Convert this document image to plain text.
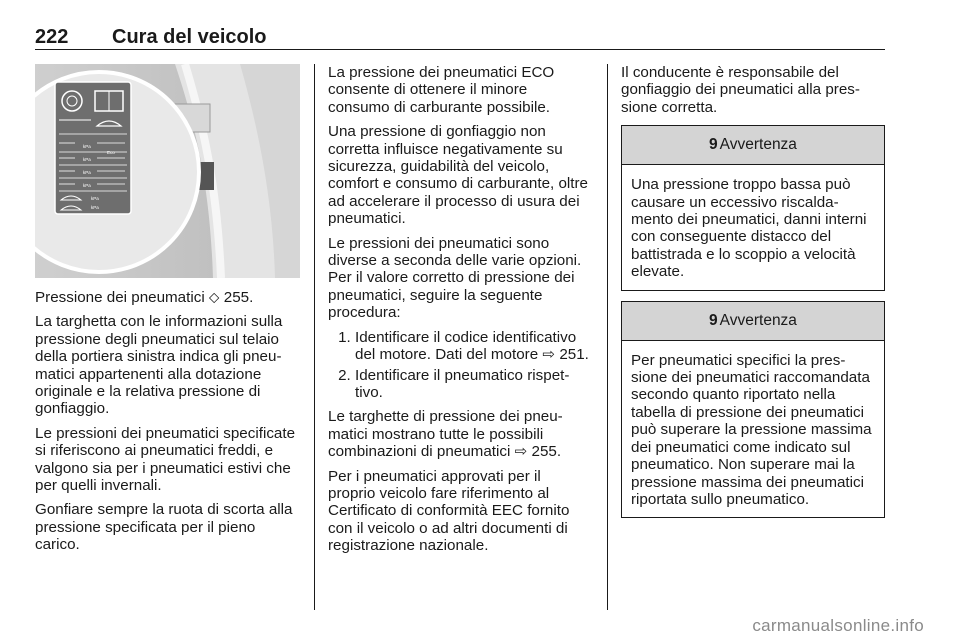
222 Cura del veicolo
kPa
kPa
kPa
kPa
kPa
kPa
Eco

Pressione dei pneumatici ⬦ 255.

La targhetta con le informazioni sulla pressione degli pneumatici sul telaio della portiera sinistra indica gli pneumatici appartenenti alla dotazione originale e la relativa pressione di gonfiaggio.

Le pressioni dei pneumatici specificate si riferiscono ai pneumatici freddi, e valgono sia per i pneumatici estivi che per quelli invernali.

Gonfiare sempre la ruota di scorta alla pressione specificata per il pieno carico.

La pressione dei pneumatici ECO consente di ottenere il minore consumo di carburante possibile.

Una pressione di gonfiaggio non corretta influisce negativamente su sicurezza, guidabilità del veicolo, comfort e consumo di carburante, oltre ad accelerare il processo di usura dei pneumatici.

Le pressioni dei pneumatici sono diverse a seconda delle varie opzioni. Per il valore corretto di pressione dei pneumatici, seguire la seguente procedura:

1. Identificare il codice identificativo del motore. Dati del motore ⇨ 251.
2. Identificare il pneumatico rispettivo.

Le targhette di pressione dei pneumatici mostrano tutte le possibili combinazioni di pneumatici ⇨ 255.

Per i pneumatici approvati per il proprio veicolo fare riferimento al Certificato di conformità EEC fornito con il veicolo o ad altri documenti di registrazione nazionale.

Il conducente è responsabile del gonfiaggio dei pneumatici alla pressione corretta.

9 Avvertenza
Una pressione troppo bassa può causare un eccessivo riscaldamento dei pneumatici, danni interni con conseguente distacco del battistrada e lo scoppio a velocità elevate.
9 Avvertenza
Per pneumatici specifici la pressione dei pneumatici raccomandata secondo quanto riportato nella tabella di pressione dei pneumatici può superare la pressione massima dei pneumatici come indicato sul pneumatico. Non superare mai la pressione massima dei pneumatici riportata sullo pneumatico.
carmanualsonline.info
